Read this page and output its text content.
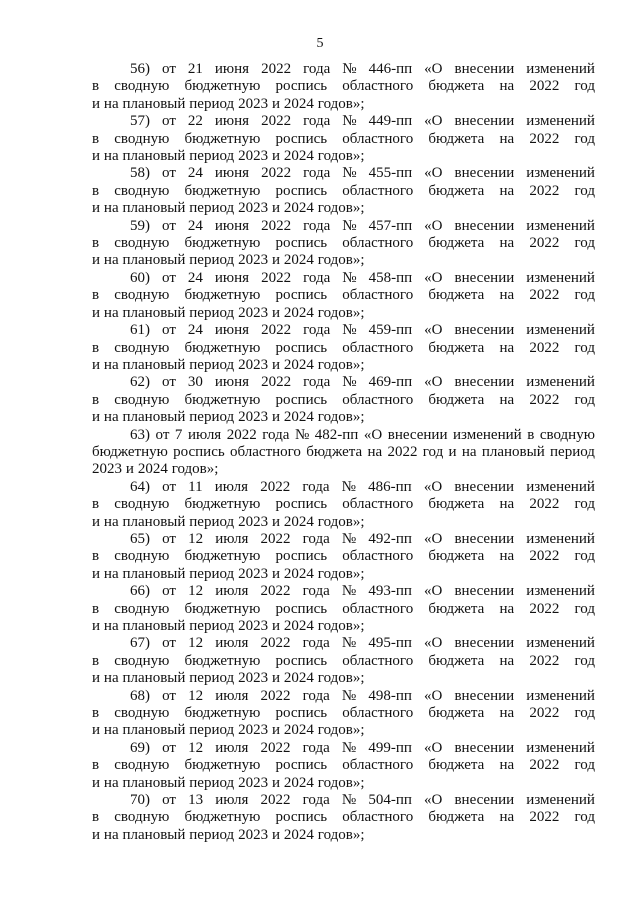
5
56) от 21 июня 2022 года № 446-пп «О внесении изменений
в сводную бюджетную роспись областного бюджета на 2022 год
и на плановый период 2023 и 2024 годов»;
57) от 22 июня 2022 года № 449-пп «О внесении изменений
в сводную бюджетную роспись областного бюджета на 2022 год
и на плановый период 2023 и 2024 годов»;
58) от 24 июня 2022 года № 455-пп «О внесении изменений
в сводную бюджетную роспись областного бюджета на 2022 год
и на плановый период 2023 и 2024 годов»;
59) от 24 июня 2022 года № 457-пп «О внесении изменений
в сводную бюджетную роспись областного бюджета на 2022 год
и на плановый период 2023 и 2024 годов»;
60) от 24 июня 2022 года № 458-пп «О внесении изменений
в сводную бюджетную роспись областного бюджета на 2022 год
и на плановый период 2023 и 2024 годов»;
61) от 24 июня 2022 года № 459-пп «О внесении изменений
в сводную бюджетную роспись областного бюджета на 2022 год
и на плановый период 2023 и 2024 годов»;
62) от 30 июня 2022 года № 469-пп «О внесении изменений
в сводную бюджетную роспись областного бюджета на 2022 год
и на плановый период 2023 и 2024 годов»;
63) от 7 июля 2022 года № 482-пп «О внесении изменений в сводную
бюджетную роспись областного бюджета на 2022 год и на плановый период
2023 и 2024 годов»;
64) от 11 июля 2022 года № 486-пп «О внесении изменений
в сводную бюджетную роспись областного бюджета на 2022 год
и на плановый период 2023 и 2024 годов»;
65) от 12 июля 2022 года № 492-пп «О внесении изменений
в сводную бюджетную роспись областного бюджета на 2022 год
и на плановый период 2023 и 2024 годов»;
66) от 12 июля 2022 года № 493-пп «О внесении изменений
в сводную бюджетную роспись областного бюджета на 2022 год
и на плановый период 2023 и 2024 годов»;
67) от 12 июля 2022 года № 495-пп «О внесении изменений
в сводную бюджетную роспись областного бюджета на 2022 год
и на плановый период 2023 и 2024 годов»;
68) от 12 июля 2022 года № 498-пп «О внесении изменений
в сводную бюджетную роспись областного бюджета на 2022 год
и на плановый период 2023 и 2024 годов»;
69) от 12 июля 2022 года № 499-пп «О внесении изменений
в сводную бюджетную роспись областного бюджета на 2022 год
и на плановый период 2023 и 2024 годов»;
70) от 13 июля 2022 года № 504-пп «О внесении изменений
в сводную бюджетную роспись областного бюджета на 2022 год
и на плановый период 2023 и 2024 годов»;
